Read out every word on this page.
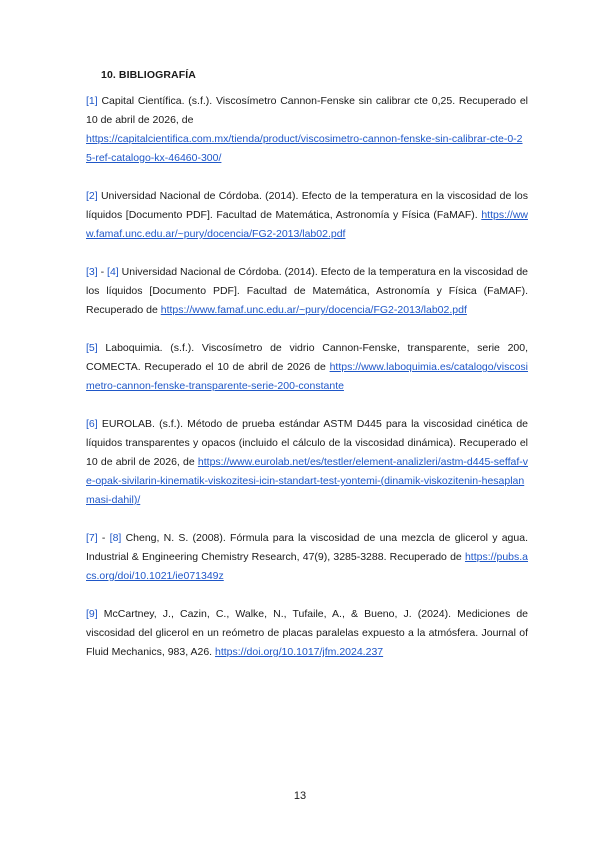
10. BIBLIOGRAFÍA

[1] Capital Científica. (s.f.). Viscosímetro Cannon-Fenske sin calibrar cte 0,25. Recuperado el 10 de abril de 2026, de
https://capitalcientifica.com.mx/tienda/product/viscosimetro-cannon-fenske-sin-calibrar-cte-0-25-ref-catalogo-kx-46460-300/

[2] Universidad Nacional de Córdoba. (2014). Efecto de la temperatura en la viscosidad de los líquidos [Documento PDF]. Facultad de Matemática, Astronomía y Física (FaMAF). https://www.famaf.unc.edu.ar/~pury/docencia/FG2-2013/lab02.pdf

[3] - [4] Universidad Nacional de Córdoba. (2014). Efecto de la temperatura en la viscosidad de los líquidos [Documento PDF]. Facultad de Matemática, Astronomía y Física (FaMAF). Recuperado de https://www.famaf.unc.edu.ar/~pury/docencia/FG2-2013/lab02.pdf

[5] Laboquimia. (s.f.). Viscosímetro de vidrio Cannon-Fenske, transparente, serie 200, COMECTA. Recuperado el 10 de abril de 2026 de https://www.laboquimia.es/catalogo/viscosimetro-cannon-fenske-transparente-serie-200-constante

[6] EUROLAB. (s.f.). Método de prueba estándar ASTM D445 para la viscosidad cinética de líquidos transparentes y opacos (incluido el cálculo de la viscosidad dinámica). Recuperado el 10 de abril de 2026, de https://www.eurolab.net/es/testler/element-analizleri/astm-d445-seffaf-ve-opak-sivilarin-kinematik-viskozitesi-icin-standart-test-yontemi-(dinamik-viskozitenin-hesaplanmasi-dahil)/

[7] - [8] Cheng, N. S. (2008). Fórmula para la viscosidad de una mezcla de glicerol y agua. Industrial & Engineering Chemistry Research, 47(9), 3285-3288. Recuperado de https://pubs.acs.org/doi/10.1021/ie071349z

[9] McCartney, J., Cazin, C., Walke, N., Tufaile, A., & Bueno, J. (2024). Mediciones de viscosidad del glicerol en un reómetro de placas paralelas expuesto a la atmósfera. Journal of Fluid Mechanics, 983, A26. https://doi.org/10.1017/jfm.2024.237

13
